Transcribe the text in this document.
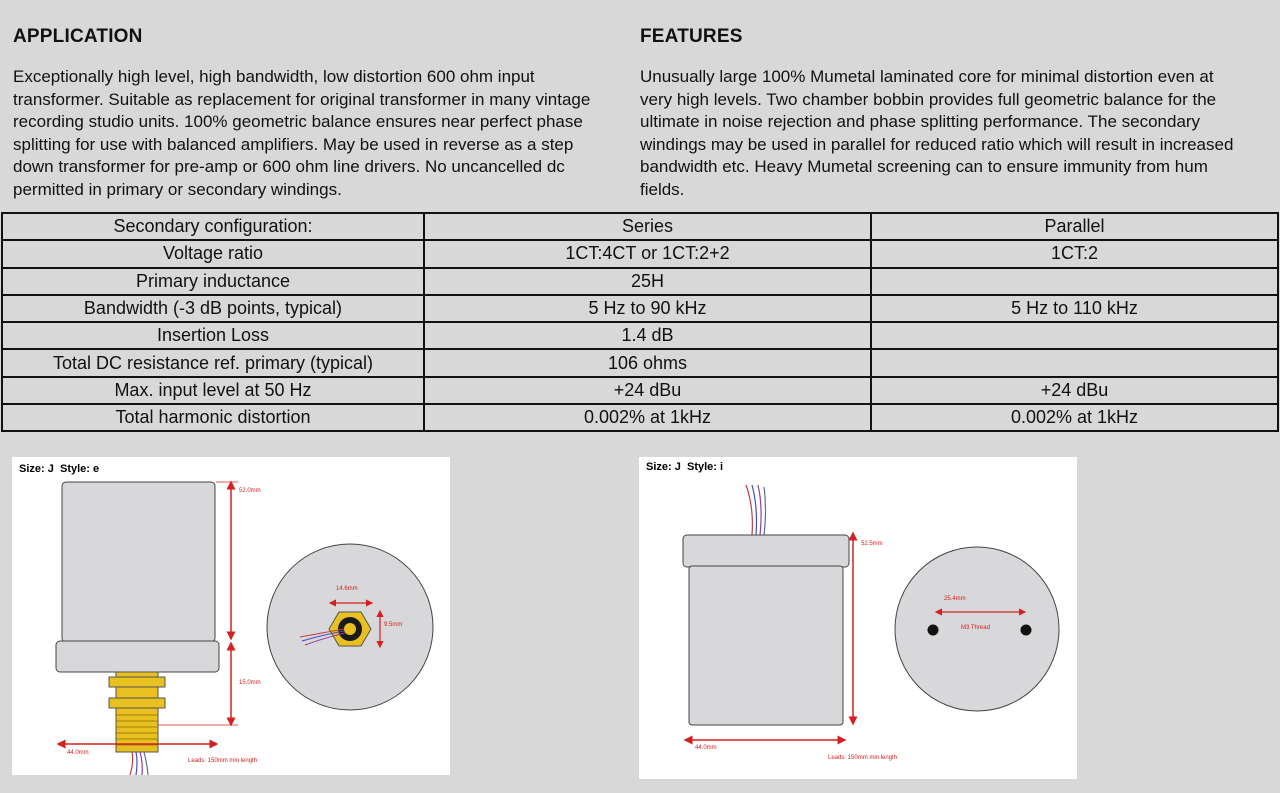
APPLICATION

Exceptionally high level, high bandwidth, low distortion 600 ohm input transformer. Suitable as replacement for original transformer in many vintage recording studio units. 100% geometric balance ensures near perfect phase splitting for use with balanced amplifiers. May be used in reverse as a step down transformer for pre-amp or 600 ohm line drivers. No uncancelled dc permitted in primary or secondary windings.

FEATURES

Unusually large 100% Mumetal laminated core for minimal distortion even at very high levels. Two chamber bobbin provides full geometric balance for the ultimate in noise rejection and phase splitting performance. The secondary windings may be used in parallel for reduced ratio which will result in increased bandwidth etc. Heavy Mumetal screening can to ensure immunity from hum fields.

Secondary configuration:	Series	Parallel
Voltage ratio	1CT:4CT or 1CT:2+2	1CT:2
Primary inductance	25H	
Bandwidth (-3 dB points, typical)	5 Hz to 90 kHz	5 Hz to 110 kHz
Insertion Loss	1.4 dB	
Total DC resistance ref. primary (typical)	106 ohms	
Max. input level at 50 Hz	+24 dBu	+24 dBu
Total harmonic distortion	0.002% at 1kHz	0.002% at 1kHz
Size: J Style: e
52.0mm
15.0mm
44.0mm
Leads: 150mm min length
14.6mm
9.5mm
Size: J Style: i
52.5mm
44.0mm
Leads: 150mm min length
25.4mm
M3 Thread
